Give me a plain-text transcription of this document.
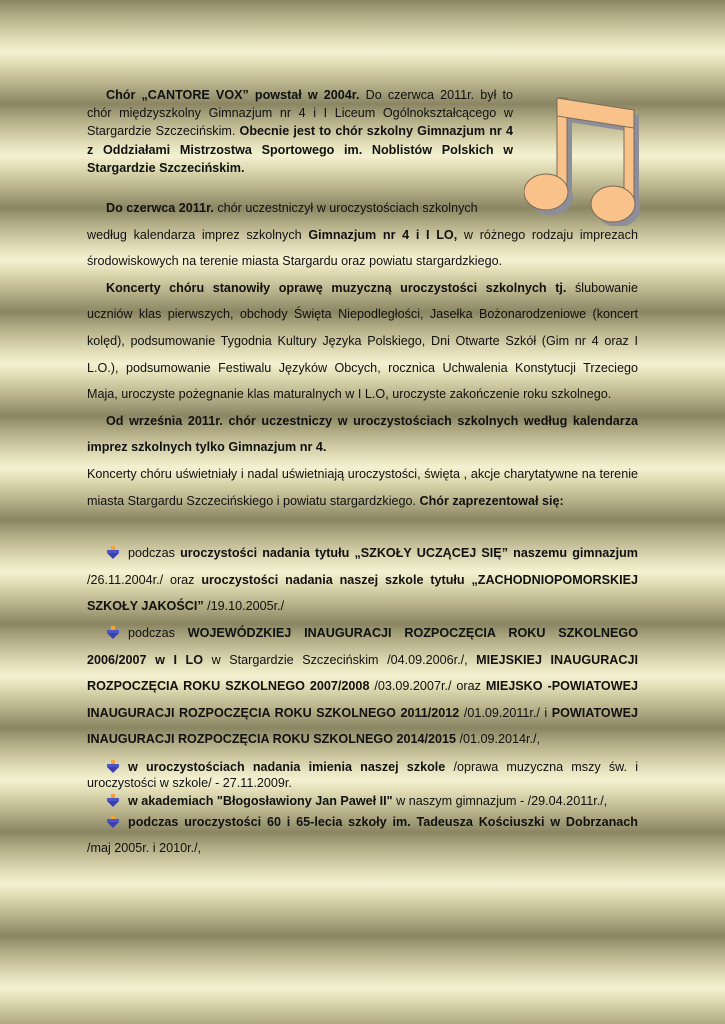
Chór „CANTORE VOX” powstał w 2004r. Do czerwca 2011r. był to chór międzyszkolny Gimnazjum nr 4 i I Liceum Ogólnokształcącego w Stargardzie Szczecińskim. Obecnie jest to chór szkolny Gimnazjum nr 4 z Oddziałami Mistrzostwa Sportowego im. Noblistów Polskich w Stargardzie Szczecińskim.

Do czerwca 2011r. chór uczestniczył w uroczystościach szkolnych

według kalendarza imprez szkolnych Gimnazjum nr 4 i I LO, w różnego rodzaju imprezach środowiskowych na terenie miasta Stargardu oraz powiatu stargardzkiego.

Koncerty chóru stanowiły oprawę muzyczną uroczystości szkolnych tj. ślubowanie uczniów klas pierwszych, obchody Święta Niepodległości, Jasełka Bożonarodzeniowe (koncert kolęd), podsumowanie Tygodnia Kultury Języka Polskiego, Dni Otwarte Szkół (Gim nr 4 oraz I L.O.), podsumowanie Festiwalu Języków Obcych, rocznica Uchwalenia Konstytucji Trzeciego Maja, uroczyste pożegnanie klas maturalnych w I L.O, uroczyste zakończenie roku szkolnego.

Od września 2011r. chór uczestniczy w uroczystościach szkolnych według kalendarza imprez szkolnych tylko Gimnazjum nr 4.

Koncerty chóru uświetniały i nadal uświetniają uroczystości, święta , akcje charytatywne na terenie miasta Stargardu Szczecińskiego i powiatu stargardzkiego. Chór zaprezentował się:

podczas uroczystości nadania tytułu „SZKOŁY UCZĄCEJ SIĘ” naszemu gimnazjum /26.11.2004r./ oraz uroczystości nadania naszej szkole tytułu „ZACHODNIOPOMORSKIEJ SZKOŁY JAKOŚCI” /19.10.2005r./

podczas WOJEWÓDZKIEJ INAUGURACJI ROZPOCZĘCIA ROKU SZKOLNEGO 2006/2007 w I LO w Stargardzie Szczecińskim /04.09.2006r./, MIEJSKIEJ INAUGURACJI ROZPOCZĘCIA ROKU SZKOLNEGO 2007/2008 /03.09.2007r./ oraz MIEJSKO -POWIATOWEJ INAUGURACJI ROZPOCZĘCIA ROKU SZKOLNEGO 2011/2012 /01.09.2011r./ i POWIATOWEJ INAUGURACJI ROZPOCZĘCIA ROKU SZKOLNEGO 2014/2015 /01.09.2014r./,

w uroczystościach nadania imienia naszej szkole /oprawa muzyczna mszy św. i uroczystości w szkole/ - 27.11.2009r.

w akademiach "Błogosławiony Jan Paweł II" w naszym gimnazjum - /29.04.2011r./,

podczas uroczystości 60 i 65-lecia szkoły im. Tadeusza Kościuszki w Dobrzanach /maj 2005r. i 2010r./,
